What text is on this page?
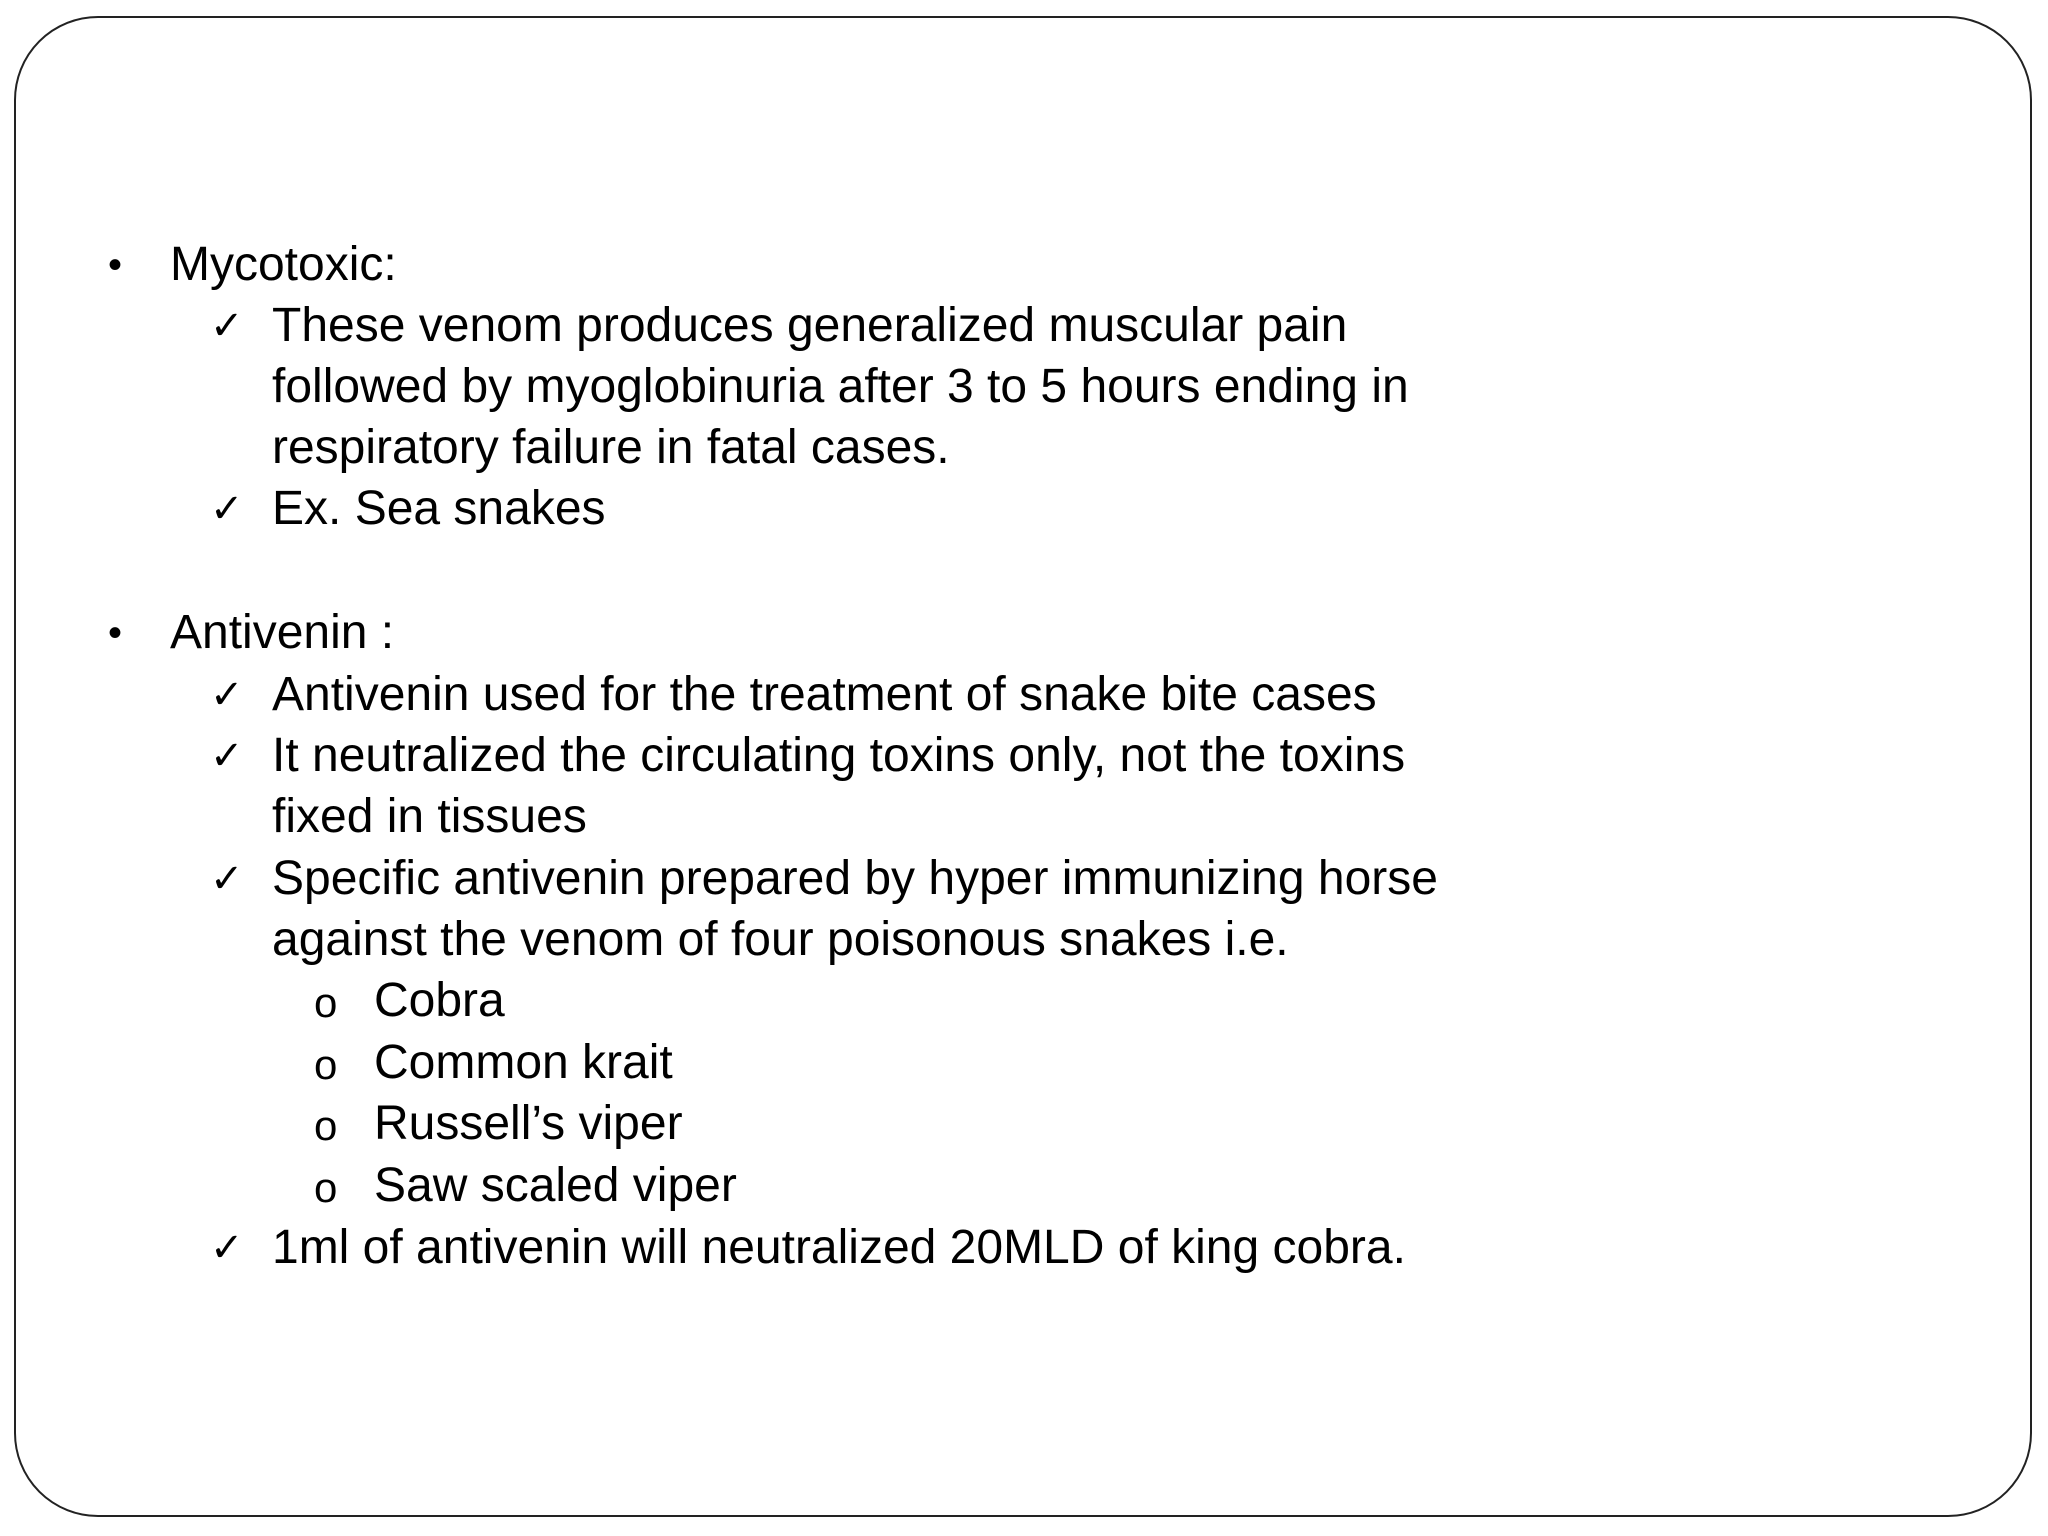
• Mycotoxic:
✓ These venom produces generalized muscular pain
followed by myoglobinuria after 3 to 5 hours ending in
respiratory failure in fatal cases.
✓ Ex. Sea snakes
• Antivenin :
✓ Antivenin used for the treatment of snake bite cases
✓ It neutralized the circulating toxins only, not the toxins
fixed in tissues
✓ Specific antivenin prepared by hyper immunizing horse
against the venom of four poisonous snakes i.e.
o Cobra
o Common krait
o Russell’s viper
o Saw scaled viper
✓ 1ml of antivenin will neutralized 20MLD of king cobra.
